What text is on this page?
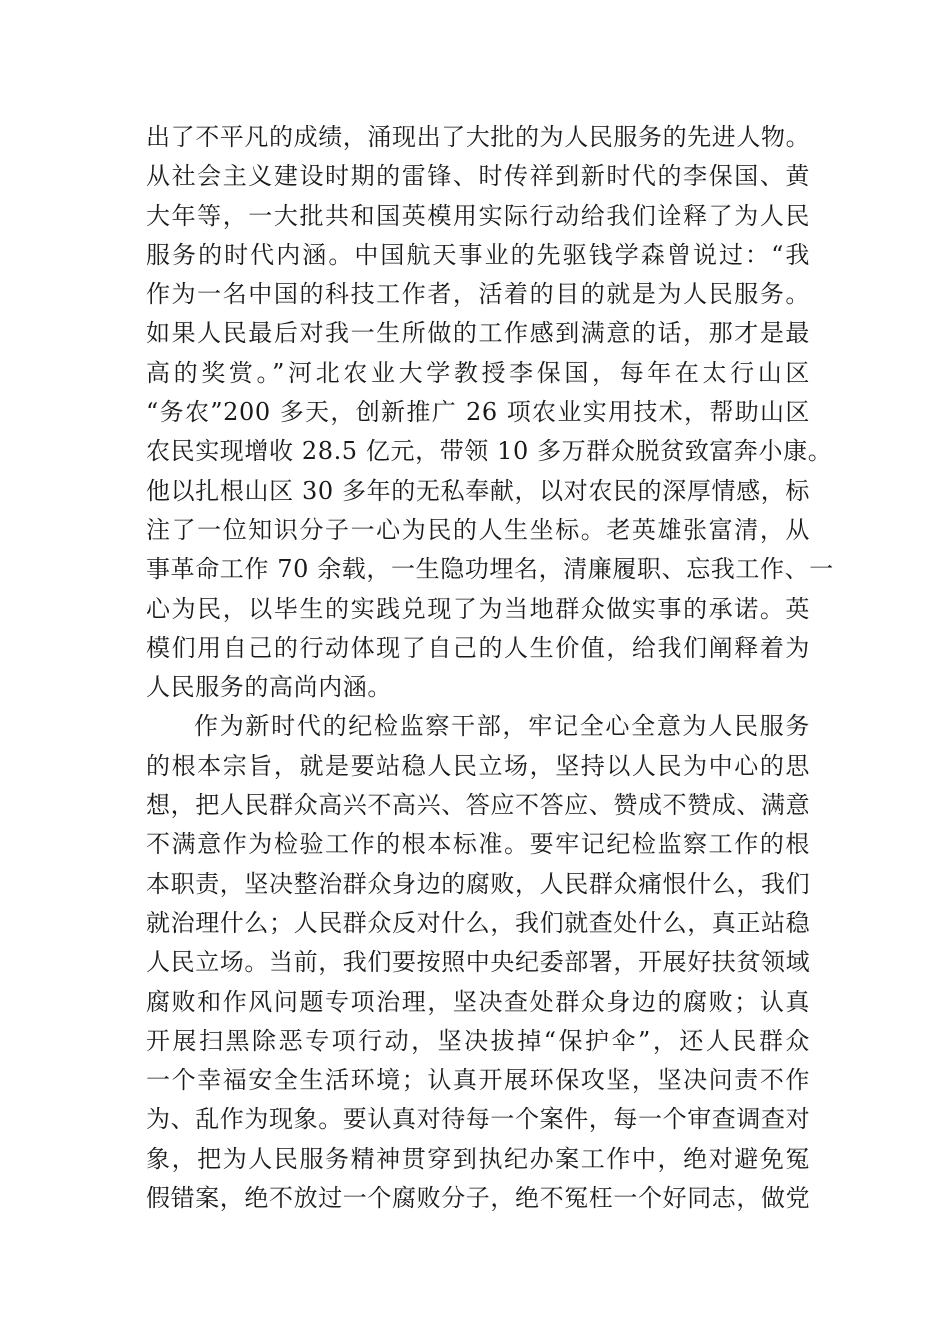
出了不平凡的成绩，涌现出了大批的为人民服务的先进人物。
从社会主义建设时期的雷锋、时传祥到新时代的李保国、黄
大年等，一大批共和国英模用实际行动给我们诠释了为人民
服务的时代内涵。中国航天事业的先驱钱学森曾说过：“我
作为一名中国的科技工作者，活着的目的就是为人民服务。
如果人民最后对我一生所做的工作感到满意的话，那才是最
高的奖赏。”河北农业大学教授李保国，每年在太行山区
“务农”200 多天，创新推广 26 项农业实用技术，帮助山区
农民实现增收 28.5 亿元，带领 10 多万群众脱贫致富奔小康。
他以扎根山区 30 多年的无私奉献，以对农民的深厚情感，标
注了一位知识分子一心为民的人生坐标。老英雄张富清，从
事革命工作 70 余载，一生隐功埋名，清廉履职、忘我工作、一
心为民，以毕生的实践兑现了为当地群众做实事的承诺。英
模们用自己的行动体现了自己的人生价值，给我们阐释着为
人民服务的高尚内涵。
作为新时代的纪检监察干部，牢记全心全意为人民服务
的根本宗旨，就是要站稳人民立场，坚持以人民为中心的思
想，把人民群众高兴不高兴、答应不答应、赞成不赞成、满意
不满意作为检验工作的根本标准。要牢记纪检监察工作的根
本职责，坚决整治群众身边的腐败，人民群众痛恨什么，我们
就治理什么；人民群众反对什么，我们就查处什么，真正站稳
人民立场。当前，我们要按照中央纪委部署，开展好扶贫领域
腐败和作风问题专项治理，坚决查处群众身边的腐败；认真
开展扫黑除恶专项行动，坚决拔掉“保护伞”，还人民群众
一个幸福安全生活环境；认真开展环保攻坚，坚决问责不作
为、乱作为现象。要认真对待每一个案件，每一个审查调查对
象，把为人民服务精神贯穿到执纪办案工作中，绝对避免冤
假错案，绝不放过一个腐败分子，绝不冤枉一个好同志，做党
